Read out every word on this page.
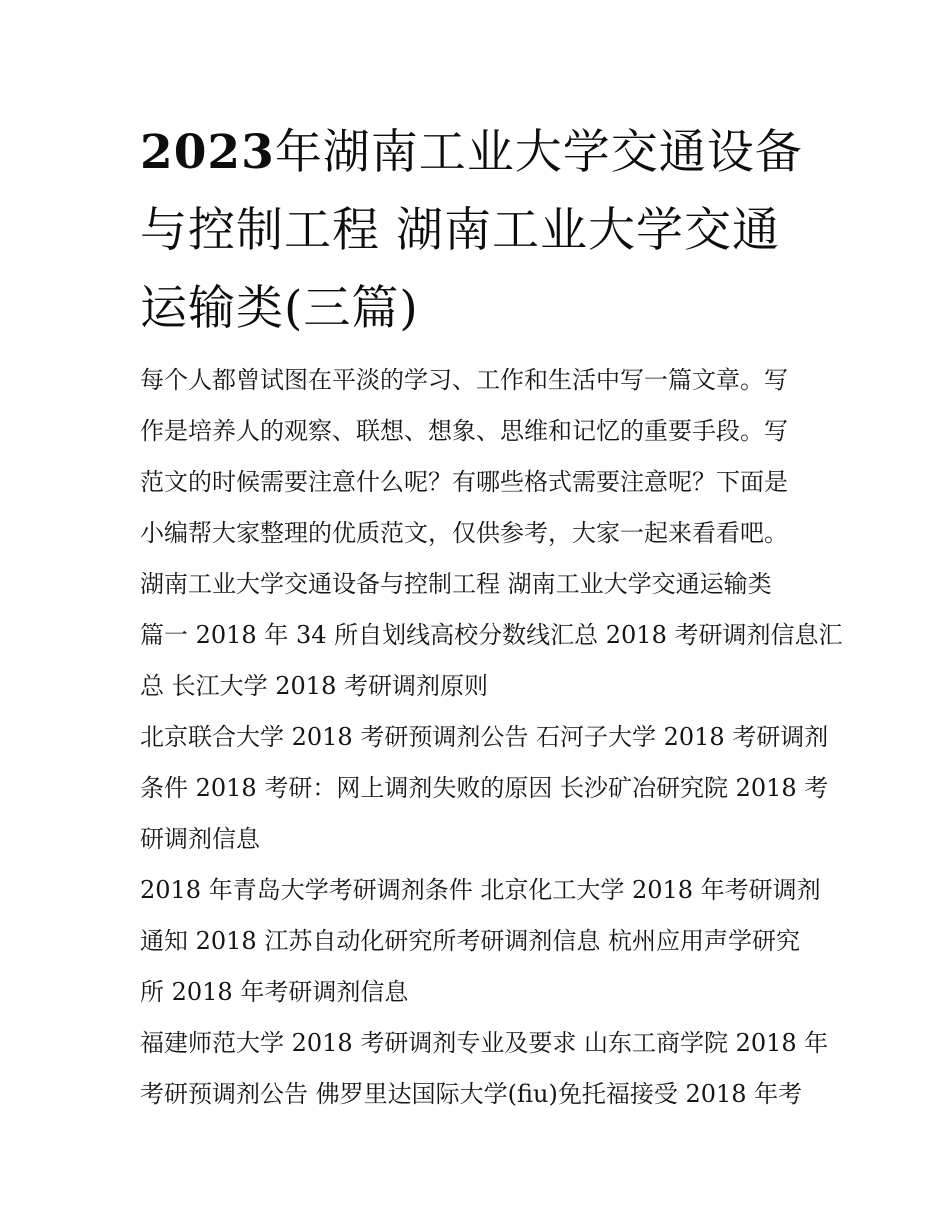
2023年湖南工业大学交通设备
与控制工程 湖南工业大学交通
运输类(三篇)

每个人都曾试图在平淡的学习、工作和生活中写一篇文章。写
作是培养人的观察、联想、想象、思维和记忆的重要手段。写
范文的时候需要注意什么呢？有哪些格式需要注意呢？下面是
小编帮大家整理的优质范文，仅供参考，大家一起来看看吧。

湖南工业大学交通设备与控制工程 湖南工业大学交通运输类
篇一 2018 年 34 所自划线高校分数线汇总 2018 考研调剂信息汇
总 长江大学 2018 考研调剂原则

北京联合大学 2018 考研预调剂公告 石河子大学 2018 考研调剂
条件 2018 考研：网上调剂失败的原因 长沙矿冶研究院 2018 考
研调剂信息

2018 年青岛大学考研调剂条件 北京化工大学 2018 年考研调剂
通知 2018 江苏自动化研究所考研调剂信息 杭州应用声学研究
所 2018 年考研调剂信息

福建师范大学 2018 考研调剂专业及要求 山东工商学院 2018 年
考研预调剂公告 佛罗里达国际大学(fiu)免托福接受 2018 年考
